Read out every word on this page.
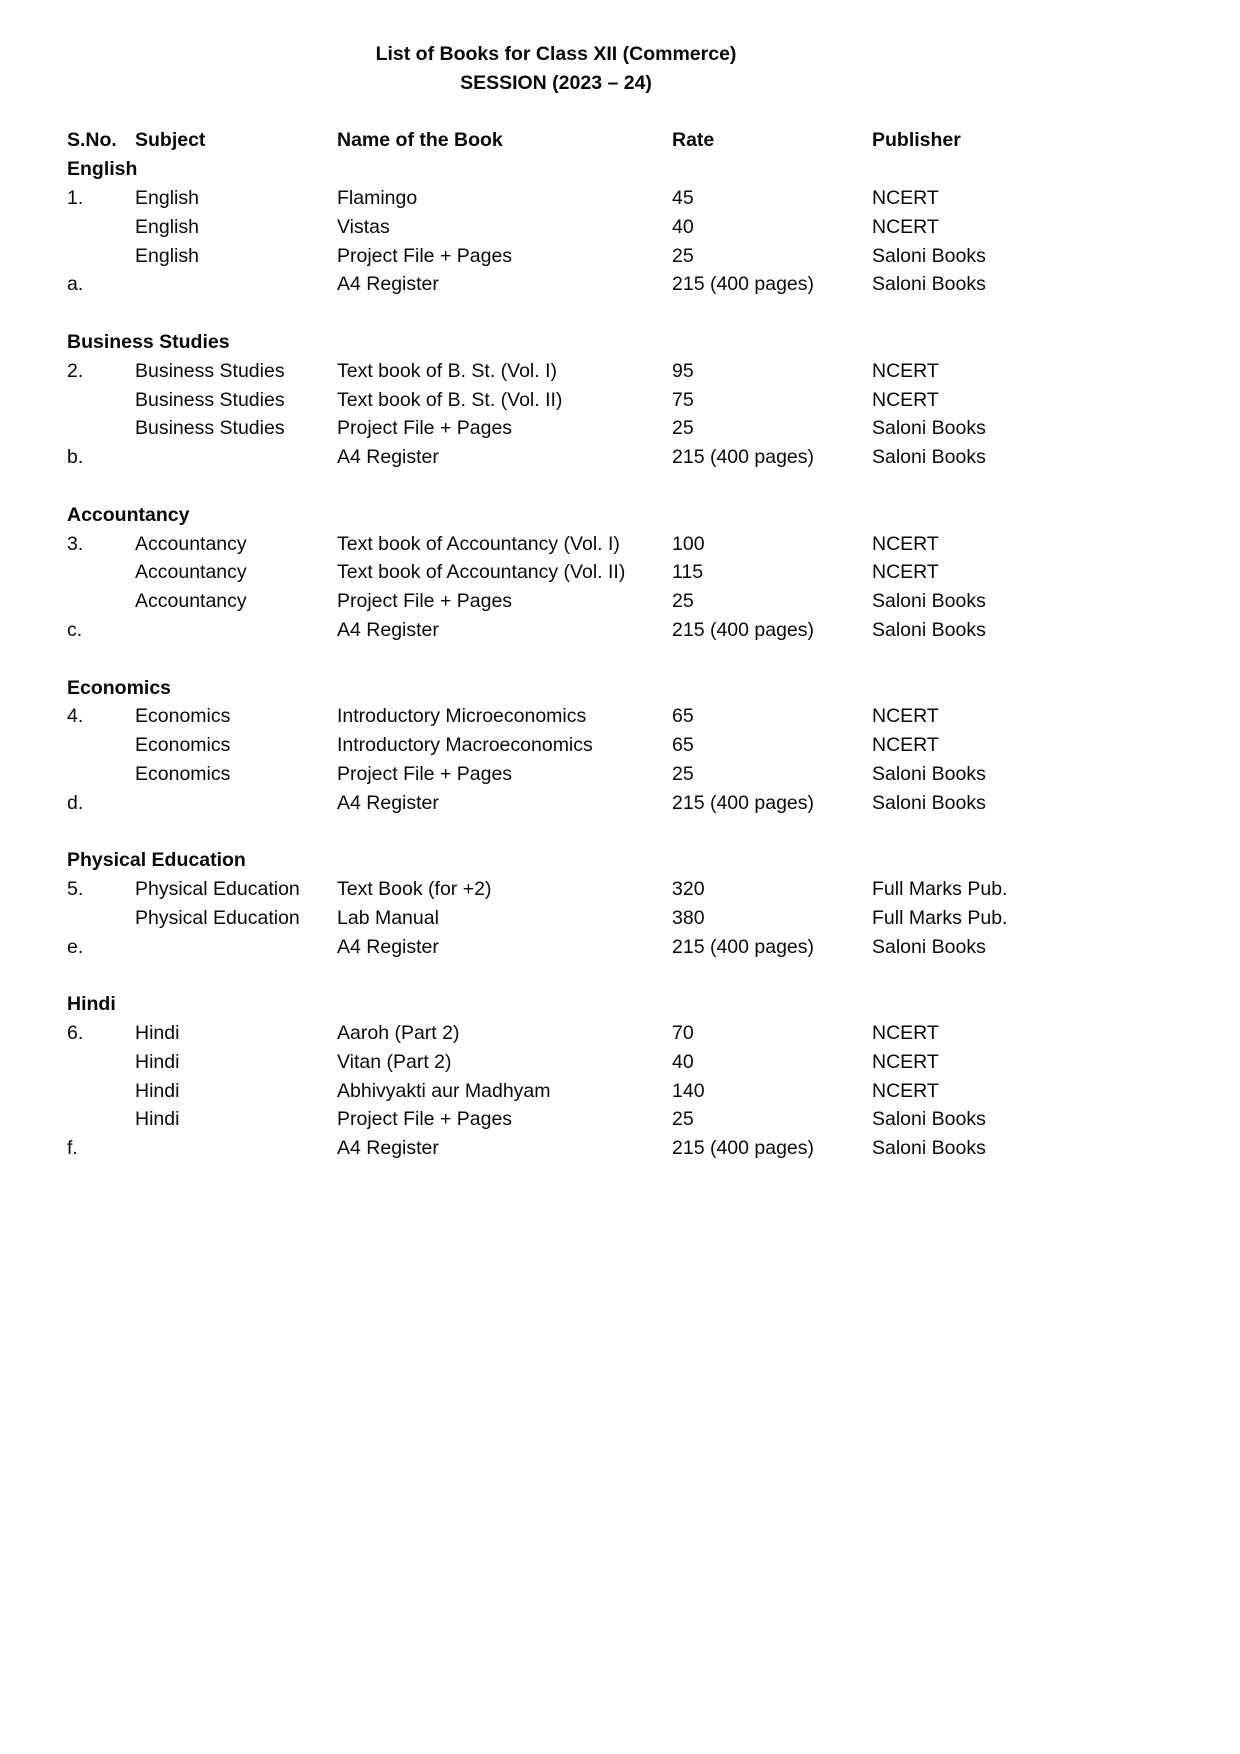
List of Books for Class XII (Commerce)
SESSION (2023 – 24)
S.No. Subject	Name of the Book	Rate	Publisher
English
1.	English	Flamingo	45	NCERT
English	Vistas	40	NCERT
English	Project File + Pages	25	Saloni Books
a.	A4 Register	215 (400 pages)	Saloni Books
Business Studies
2.	Business Studies	Text book of B. St. (Vol. I)	95	NCERT
Business Studies	Text book of B. St. (Vol. II)	75	NCERT
Business Studies	Project File + Pages	25	Saloni Books
b.	A4 Register	215 (400 pages)	Saloni Books
Accountancy
3.	Accountancy	Text book of Accountancy (Vol. I)	100	NCERT
Accountancy	Text book of Accountancy (Vol. II)	115	NCERT
Accountancy	Project File + Pages	25	Saloni Books
c.	A4 Register	215 (400 pages)	Saloni Books
Economics
4.	Economics	Introductory Microeconomics	65	NCERT
Economics	Introductory Macroeconomics	65	NCERT
Economics	Project File + Pages	25	Saloni Books
d.	A4 Register	215 (400 pages)	Saloni Books
Physical Education
5.	Physical Education	Text Book (for +2)	320	Full Marks Pub.
Physical Education	Lab Manual	380	Full Marks Pub.
e.	A4 Register	215 (400 pages)	Saloni Books
Hindi
6.	Hindi	Aaroh (Part 2)	70	NCERT
Hindi	Vitan (Part 2)	40	NCERT
Hindi	Abhivyakti aur Madhyam	140	NCERT
Hindi	Project File + Pages	25	Saloni Books
f.	A4 Register	215 (400 pages)	Saloni Books
